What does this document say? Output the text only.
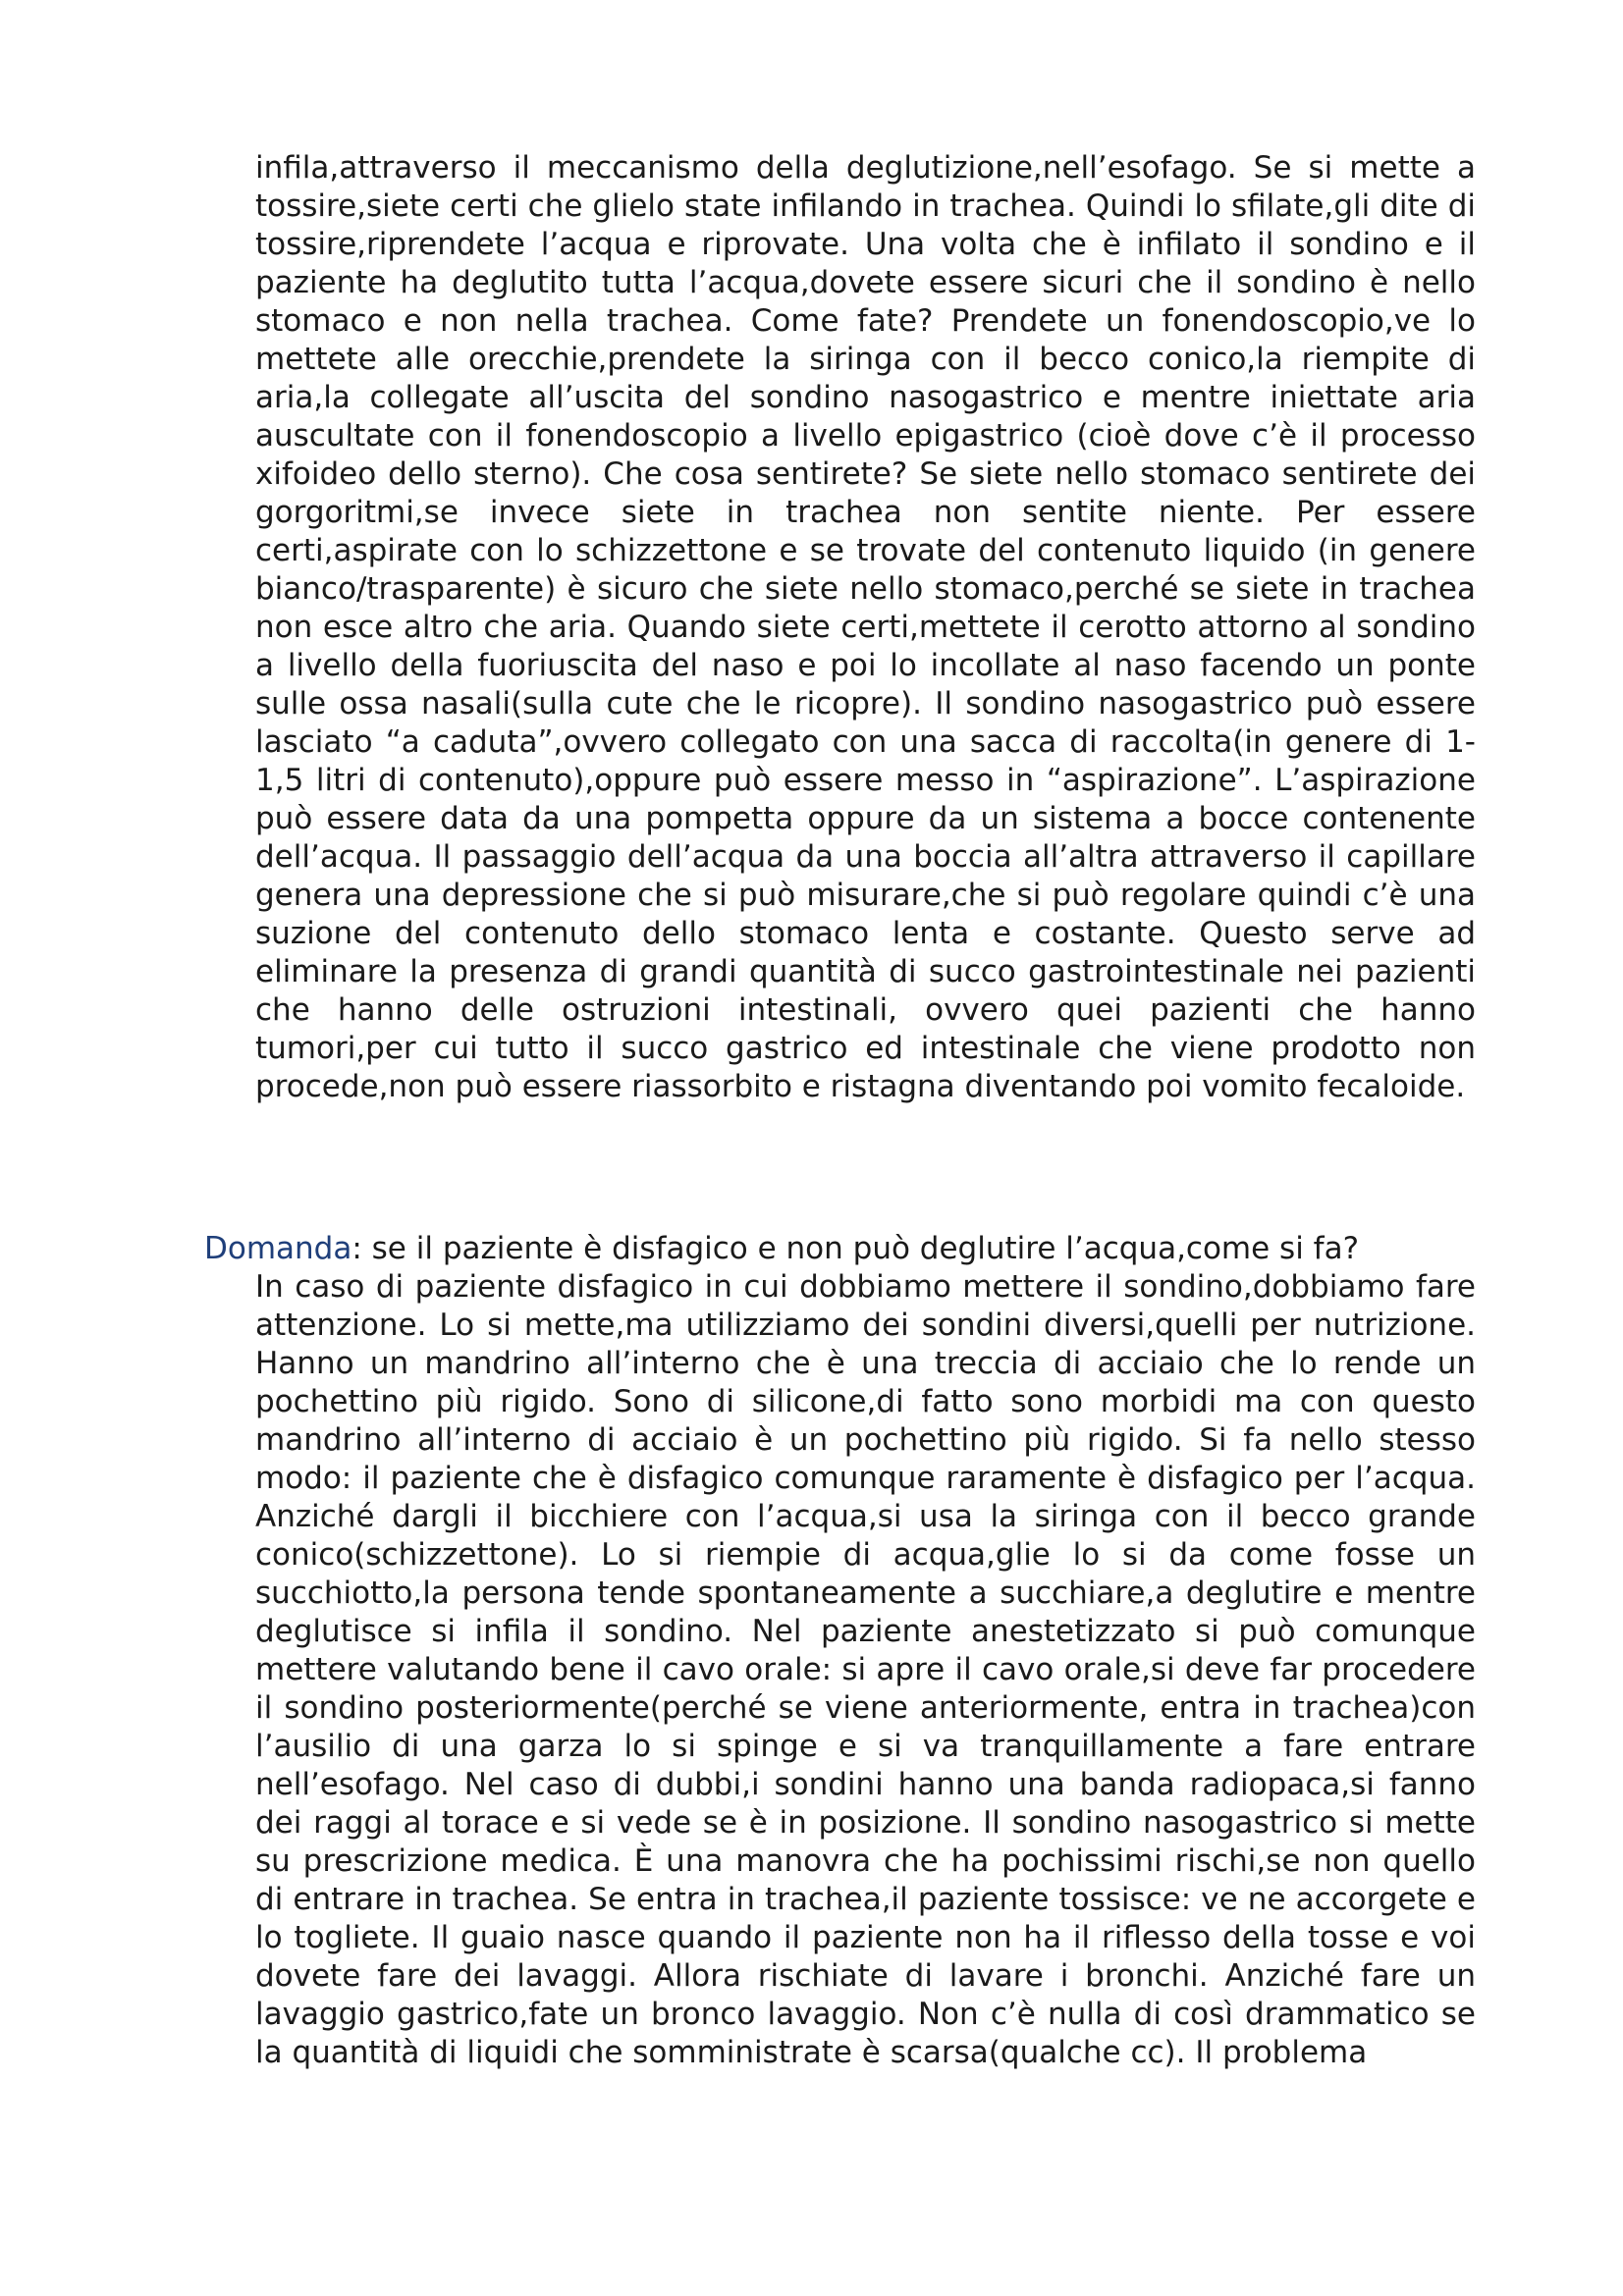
infila,attraverso il meccanismo della deglutizione,nell’esofago. Se si mette a tossire,siete certi che glielo state infilando in trachea. Quindi lo sfilate,gli dite di tossire,riprendete l’acqua e riprovate. Una volta che è infilato il sondino e il paziente ha deglutito tutta l’acqua,dovete essere sicuri che il sondino è nello stomaco e non nella trachea. Come fate? Prendete un fonendoscopio,ve lo mettete alle orecchie,prendete la siringa con il becco conico,la riempite di aria,la collegate all’uscita del sondino nasogastrico e mentre iniettate aria auscultate con il fonendoscopio a livello epigastrico (cioè dove c’è il processo xifoideo dello sterno). Che cosa sentirete? Se siete nello stomaco sentirete dei gorgoritmi,se invece siete in trachea non sentite niente. Per essere certi,aspirate con lo schizzettone e se trovate del contenuto liquido (in genere bianco/trasparente) è sicuro che siete nello stomaco,perché se siete in trachea non esce altro che aria. Quando siete certi,mettete il cerotto attorno al sondino a livello della fuoriuscita del naso e poi lo incollate al naso facendo un ponte sulle ossa nasali(sulla cute che le ricopre). Il sondino nasogastrico può essere lasciato “a caduta”,ovvero collegato con una sacca di raccolta(in genere di 1-1,5 litri di contenuto),oppure può essere messo in “aspirazione”. L’aspirazione può essere data da una pompetta oppure da un sistema a bocce contenente dell’acqua. Il passaggio dell’acqua da una boccia all’altra attraverso il capillare genera una depressione che si può misurare,che si può regolare quindi c’è una suzione del contenuto dello stomaco lenta e costante. Questo serve ad eliminare la presenza di grandi quantità di succo gastrointestinale nei pazienti che hanno delle ostruzioni intestinali, ovvero quei pazienti che hanno tumori,per cui tutto il succo gastrico ed intestinale che viene prodotto non procede,non può essere riassorbito e ristagna diventando poi vomito fecaloide.

Domanda: se il paziente è disfagico e non può deglutire l’acqua,come si fa?

In caso di paziente disfagico in cui dobbiamo mettere il sondino,dobbiamo fare attenzione. Lo si mette,ma utilizziamo dei sondini diversi,quelli per nutrizione. Hanno un mandrino all’interno che è una treccia di acciaio che lo rende un pochettino più rigido. Sono di silicone,di fatto sono morbidi ma con questo mandrino all’interno di acciaio è un pochettino più rigido. Si fa nello stesso modo: il paziente che è disfagico comunque raramente è disfagico per l’acqua. Anziché dargli il bicchiere con l’acqua,si usa la siringa con il becco grande conico(schizzettone). Lo si riempie di acqua,glie lo si da come fosse un succhiotto,la persona tende spontaneamente a succhiare,a deglutire e mentre deglutisce si infila il sondino. Nel paziente anestetizzato si può comunque mettere valutando bene il cavo orale: si apre il cavo orale,si deve far procedere il sondino posteriormente(perché se viene anteriormente, entra in trachea)con l’ausilio di una garza lo si spinge e si va tranquillamente a fare entrare nell’esofago. Nel caso di dubbi,i sondini hanno una banda radiopaca,si fanno dei raggi al torace e si vede se è in posizione. Il sondino nasogastrico si mette su prescrizione medica. È una manovra che ha pochissimi rischi,se non quello di entrare in trachea. Se entra in trachea,il paziente tossisce: ve ne accorgete e lo togliete. Il guaio nasce quando il paziente non ha il riflesso della tosse e voi dovete fare dei lavaggi. Allora rischiate di lavare i bronchi. Anziché fare un lavaggio gastrico,fate un bronco lavaggio. Non c’è nulla di così drammatico se la quantità di liquidi che somministrate è scarsa(qualche cc). Il problema
